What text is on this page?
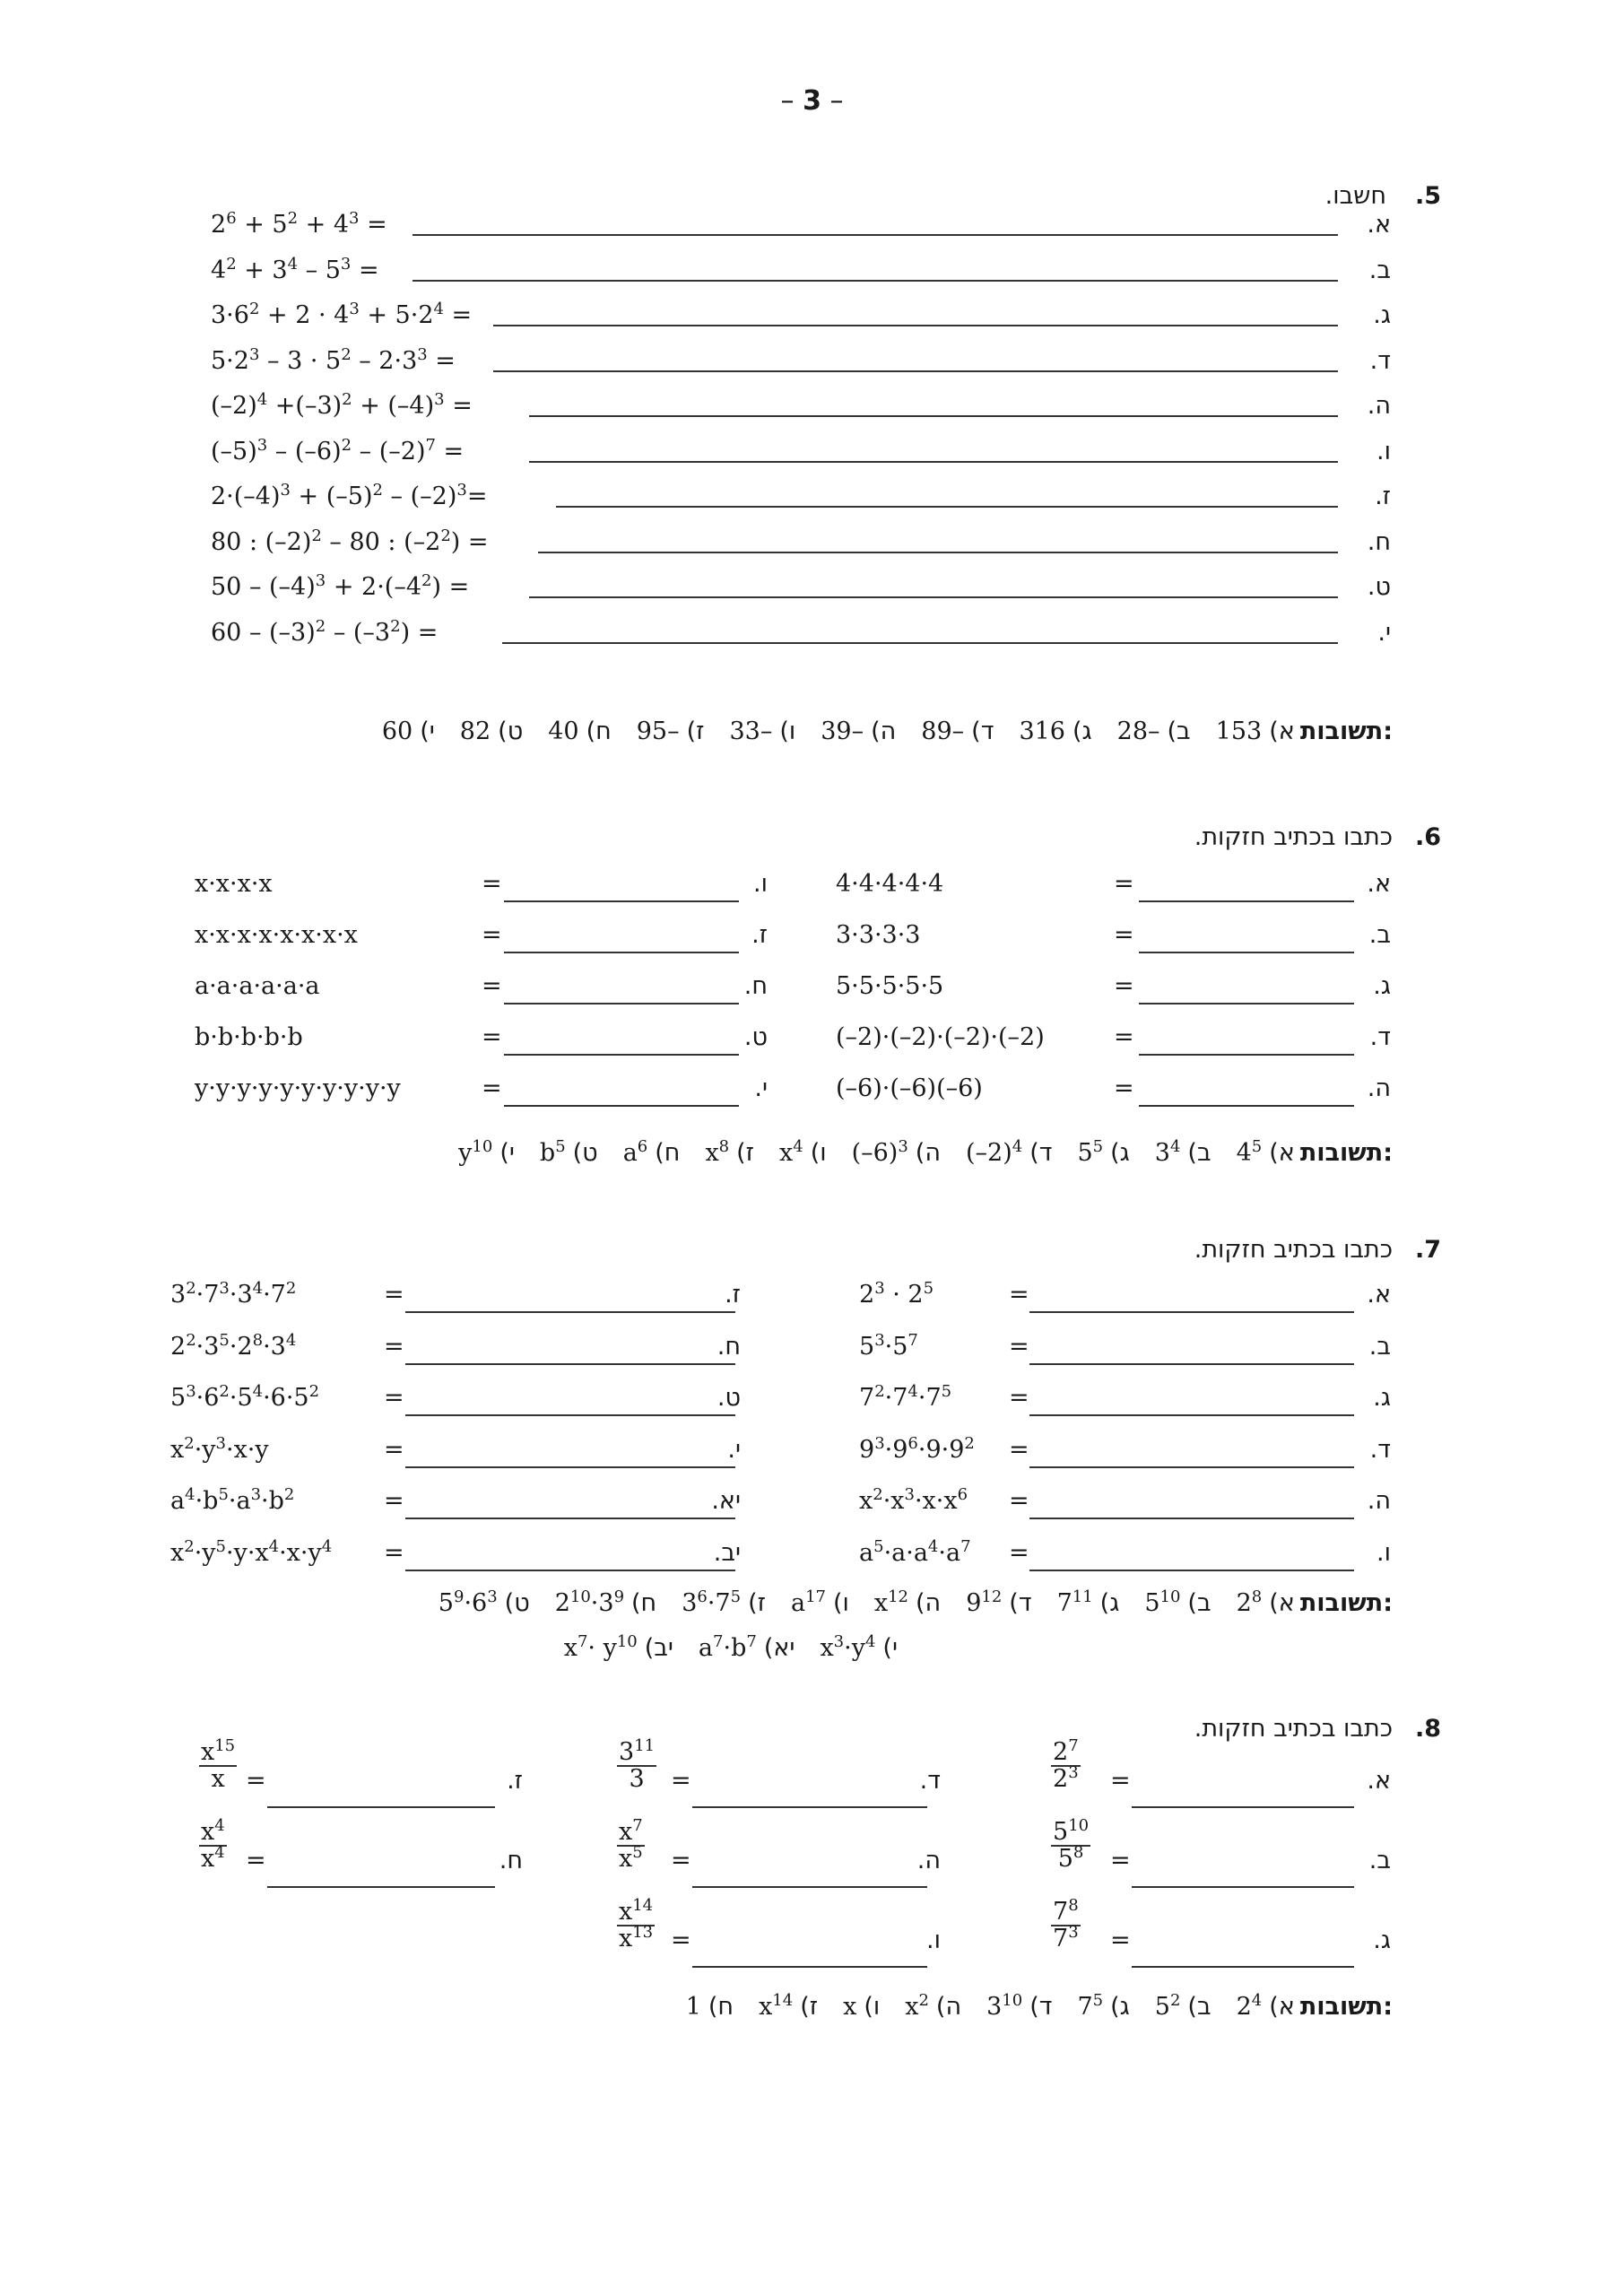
– 3 –
.5
חשבו.
תשובות:
א)
153
ב)
28–
ג)
316
ד)
89–
ה)
39–
ו)
33–
ז)
95–
ח)
40
ט)
82
י)
60
.6
כתבו בכתיב חזקות.
תשובות:
א)
$4^5$
ב)
$3^4$
ג)
$5^5$
ד)
$(-2)^4$
ה)
$(-6)^3$
ו)
$x^4$
ז)
$x^8$
ח)
$a^6$
ט)
$b^5$
י)
$y^{10}$
.7
כתבו בכתיב חזקות.
תשובות:
א)
$2^8$
ב)
$5^{10}$
ג)
$7^{11}$
ד)
$9^{12}$
ה)
$x^{12}$
ו)
$a^{17}$
ז)
$3^6\cdot 7^5$
ח)
$2^{10}\cdot 3^9$
ט)
$5^9\cdot 6^3$
י)
$x^3\cdot y^4$
יא)
$a^7\cdot b^7$
יב)
$x^7\cdot y^{10}$
.8
כתבו בכתיב חזקות.
תשובות:
א)
$2^4$
ב)
$5^2$
ג)
$7^5$
ד)
$3^{10}$
ה)
$x^2$
ו)
x
ז)
$x^{14}$
ח)
1
א.
$2^6 + 5^2 + 4^3$ =
ב.
$4^2 + 3^4 - 5^3$ =
ג.
$3\cdot 6^2 + 2 \cdot 4^3 + 5\cdot 2^4$ =
ד.
$5\cdot 2^3 - 3 \cdot 5^2 - 2\cdot 3^3$ =
ה.
$(-2)^4 +(-3)^2 + (-4)^3$ =
ו.
$(-5)^3 - (-6)^2 - (-2)^7$ =
ז.
$2\cdot(-4)^3 + (-5)^2 - (-2)^3=$
ח.
80 : $(-2)^2 - 80$ : $(-2^2)$ =
ט.
$50 - (-4)^3 + 2\cdot(-4^2)$ =
י.
$60 - (-3)^2 - (-3^2)$ =
א.
4·4·4·4·4	=
ב.
3·3·3·3	=
ג.
5·5·5·5·5	=
ד.
(–2)·(–2)·(–2)·(–2)	=
ה.
(–6)·(–6)(–6)	=
ו.
x·x·x·x	=
ז.
x·x·x·x·x·x·x·x	=
ח.
a·a·a·a·a·a	=
ט.
b·b·b·b·b	=
י.
y·y·y·y·y·y·y·y·y·y	=
א.
$2^3 \cdot 2^5$	=
ב.
$5^3\cdot 5^7$	=
ג.
$7^2\cdot 7^4\cdot 7^5$ =
ד.
$9^3\cdot 9^6\cdot 9\cdot 9^2$ =
ה.
$x^2\cdot x^3\cdot x\cdot x^6$ =
ו.
$a^5\cdot a\cdot a^4\cdot a^7$ =
ז.
$3^2\cdot 7^3\cdot 3^4\cdot 7^2$	=
ח.
$2^2\cdot 3^5\cdot 2^8\cdot 3^4$	=
ט.
$5^3\cdot 6^2\cdot 5^4\cdot 6\cdot 5^2$	=
י.
$x^2\cdot y^3\cdot x\cdot y$	=
יא.
$a^4\cdot b^5\cdot a^3\cdot b^2$	=
יב.
$x^2\cdot y^5\cdot y\cdot x^4\cdot x\cdot y^4$ =
א.
$\frac{2^7}{2^3}$ =
ב.
$\frac{5^{10}}{5^8}$ =
ג.
$\frac{7^8}{7^3}$ =
ד.
$\frac{3^{11}}{3}$ =
ה.
$\frac{x^7}{x^5}$ =
ו.
$\frac{x^{14}}{x^{13}}$ =
ז.
$\frac{x^{15}}{x}$ =
ח.
$\frac{x^4}{x^4}$ =
